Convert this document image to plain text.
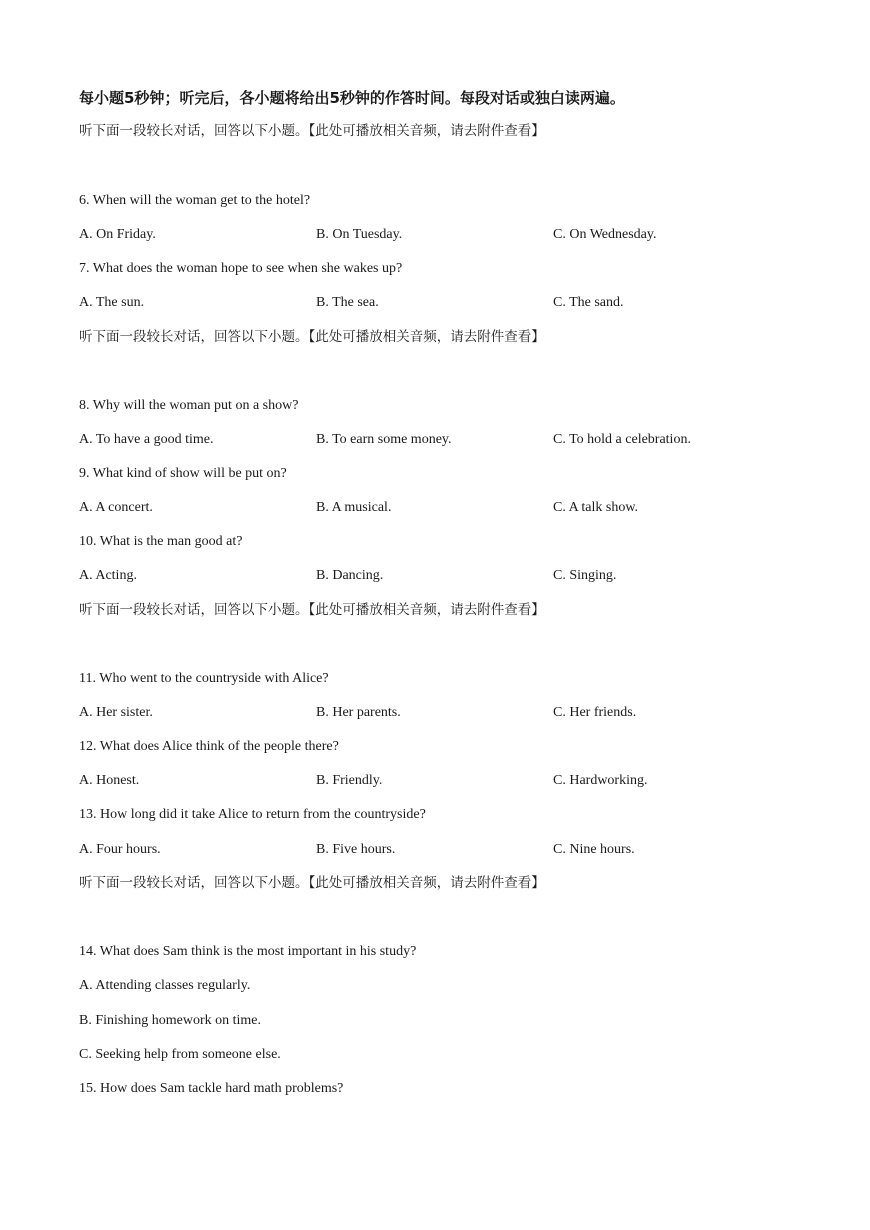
每小题5秒钟；听完后，各小题将给出5秒钟的作答时间。每段对话或独白读两遍。
听下面一段较长对话，回答以下小题。【此处可播放相关音频，请去附件查看】
6. When will the woman get to the hotel?
A. On Friday.	B. On Tuesday.	C. On Wednesday.
7. What does the woman hope to see when she wakes up?
A. The sun.	B. The sea.	C. The sand.
听下面一段较长对话，回答以下小题。【此处可播放相关音频，请去附件查看】
8. Why will the woman put on a show?
A. To have a good time.	B. To earn some money.	C. To hold a celebration.
9. What kind of show will be put on?
A. A concert.	B. A musical.	C. A talk show.
10. What is the man good at?
A. Acting.	B. Dancing.	C. Singing.
听下面一段较长对话，回答以下小题。【此处可播放相关音频，请去附件查看】
11. Who went to the countryside with Alice?
A. Her sister.	B. Her parents.	C. Her friends.
12. What does Alice think of the people there?
A. Honest.	B. Friendly.	C. Hardworking.
13. How long did it take Alice to return from the countryside?
A. Four hours.	B. Five hours.	C. Nine hours.
听下面一段较长对话，回答以下小题。【此处可播放相关音频，请去附件查看】
14. What does Sam think is the most important in his study?
A. Attending classes regularly.
B. Finishing homework on time.
C. Seeking help from someone else.
15. How does Sam tackle hard math problems?
